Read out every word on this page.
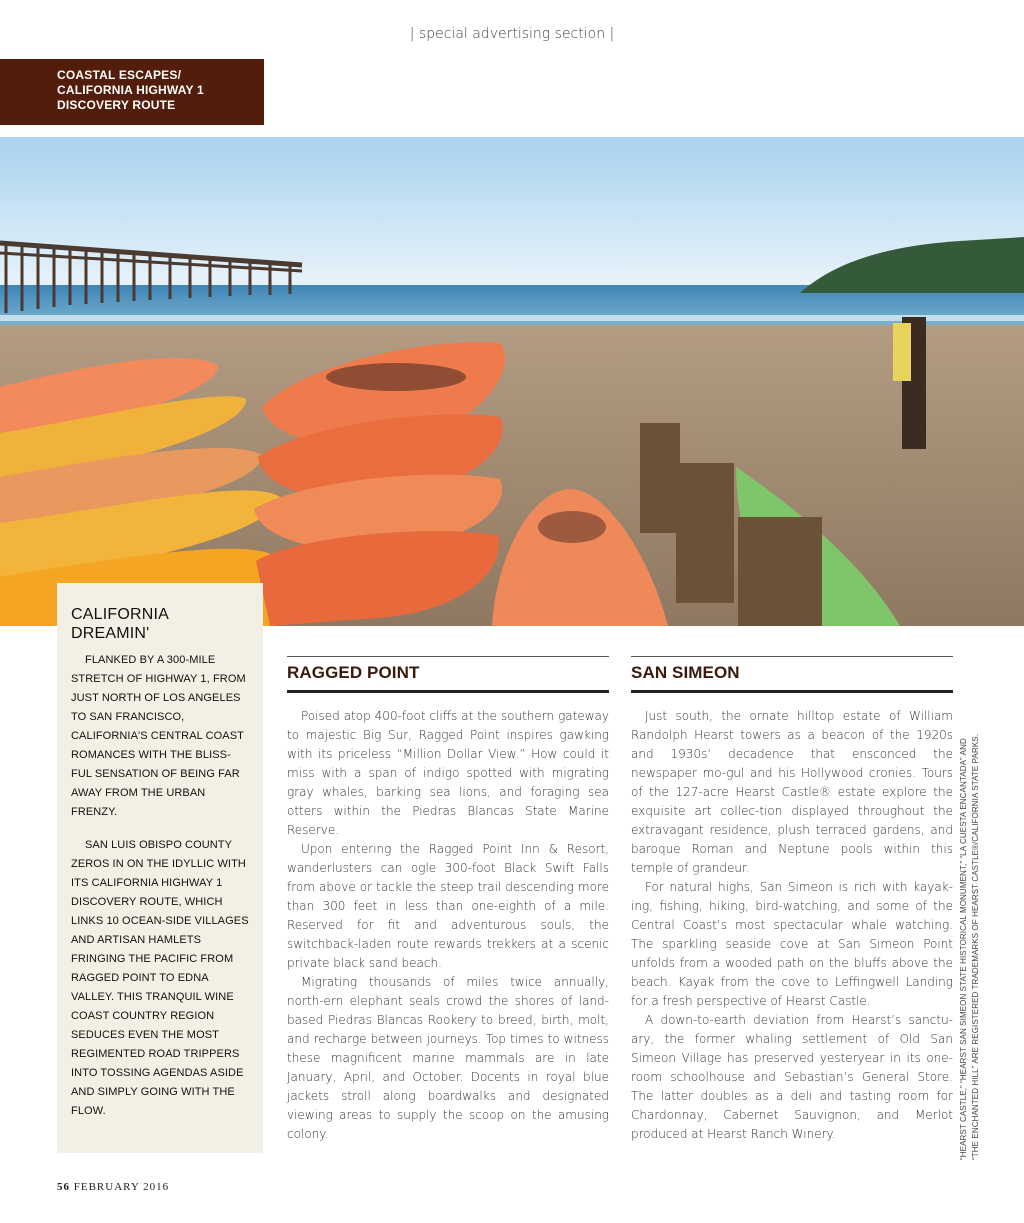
| special advertising section |
COASTAL ESCAPES/
CALIFORNIA HIGHWAY 1
DISCOVERY ROUTE
CALIFORNIA DREAMIN'

FLANKED BY A 300-MILE STRETCH OF HIGHWAY 1, FROM JUST NORTH OF LOS ANGELES TO SAN FRANCISCO, CALIFORNIA'S CENTRAL COAST ROMANCES WITH THE BLISS-FUL SENSATION OF BEING FAR AWAY FROM THE URBAN FRENZY.

SAN LUIS OBISPO COUNTY ZEROS IN ON THE IDYLLIC WITH ITS CALIFORNIA HIGHWAY 1 DISCOVERY ROUTE, WHICH LINKS 10 OCEAN-SIDE VILLAGES AND ARTISAN HAMLETS FRINGING THE PACIFIC FROM RAGGED POINT TO EDNA VALLEY. THIS TRANQUIL WINE COAST COUNTRY REGION SEDUCES EVEN THE MOST REGIMENTED ROAD TRIPPERS INTO TOSSING AGENDAS ASIDE AND SIMPLY GOING WITH THE FLOW.

RAGGED POINT

Poised atop 400-foot cliffs at the southern gateway to majestic Big Sur, Ragged Point inspires gawking with its priceless “Million Dollar View.” How could it miss with a span of indigo spotted with migrating gray whales, barking sea lions, and foraging sea otters within the Piedras Blancas State Marine Reserve.

Upon entering the Ragged Point Inn & Resort, wanderlusters can ogle 300-foot Black Swift Falls from above or tackle the steep trail descending more than 300 feet in less than one-eighth of a mile. Reserved for fit and adventurous souls, the switchback-laden route rewards trekkers at a scenic private black sand beach.

Migrating thousands of miles twice annually, north-ern elephant seals crowd the shores of land-based Piedras Blancas Rookery to breed, birth, molt, and recharge between journeys. Top times to witness these magnificent marine mammals are in late January, April, and October. Docents in royal blue jackets stroll along boardwalks and designated viewing areas to supply the scoop on the amusing colony.

SAN SIMEON

Just south, the ornate hilltop estate of William Randolph Hearst towers as a beacon of the 1920s and 1930s’ decadence that ensconced the newspaper mo-gul and his Hollywood cronies. Tours of the 127-acre Hearst Castle® estate explore the exquisite art collec-tion displayed throughout the extravagant residence, plush terraced gardens, and baroque Roman and Neptune pools within this temple of grandeur.

For natural highs, San Simeon is rich with kayak-ing, fishing, hiking, bird-watching, and some of the Central Coast’s most spectacular whale watching. The sparkling seaside cove at San Simeon Point unfolds from a wooded path on the bluffs above the beach. Kayak from the cove to Leffingwell Landing for a fresh perspective of Hearst Castle.

A down-to-earth deviation from Hearst’s sanctu-ary, the former whaling settlement of Old San Simeon Village has preserved yesteryear in its one-room schoolhouse and Sebastian’s General Store. The latter doubles as a deli and tasting room for Chardonnay, Cabernet Sauvignon, and Merlot produced at Hearst Ranch Winery.	“HEARST CASTLE,” “HEARST SAN SIMEON STATE HISTORICAL MONUMENT,” “LA CUESTA ENCANTADA” AND “THE ENCHANTED HILL” ARE REGISTERED TRADEMARKS OF HEARST CASTLE®/CALIFORNIA STATE PARKS.
56 FEBRUARY 2016
